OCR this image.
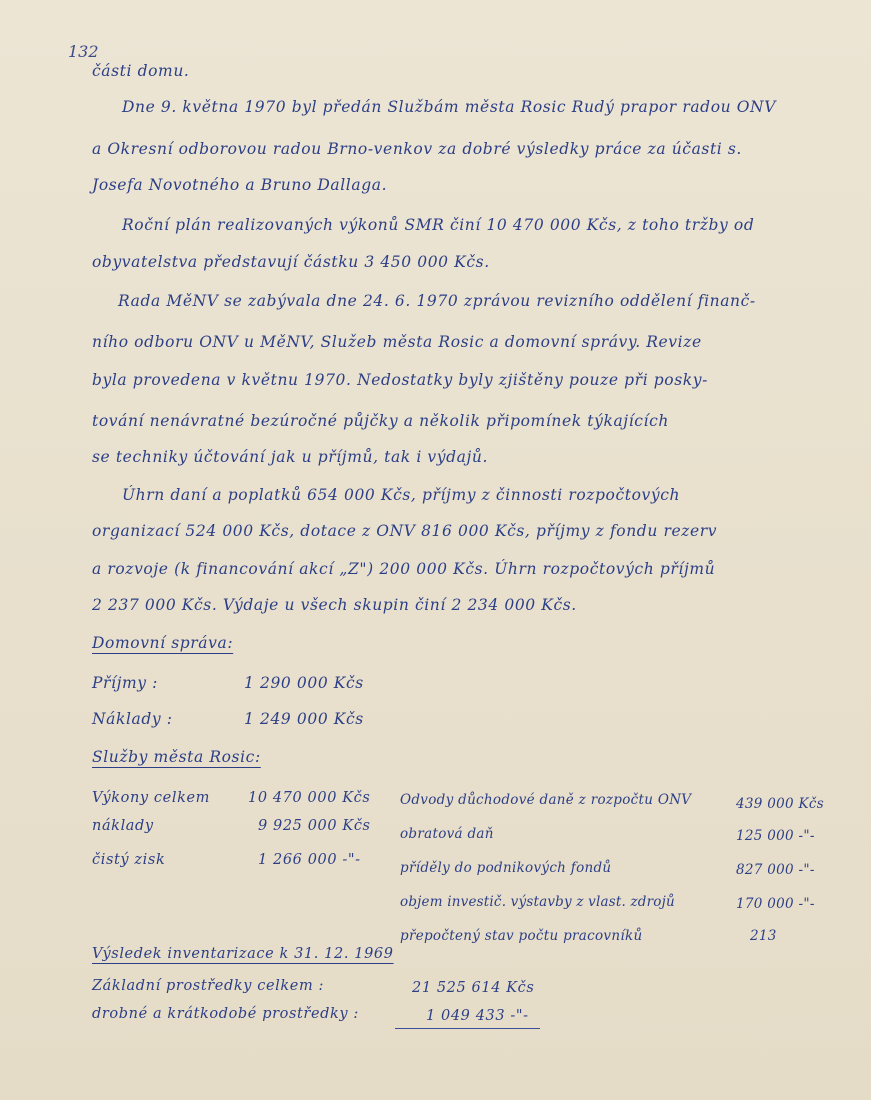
132
části domu.
Dne 9. května 1970 byl předán Službám města Rosic Rudý prapor radou ONV
a Okresní odborovou radou Brno-venkov za dobré výsledky práce za účasti s.
Josefa Novotného a Bruno Dallaga.
Roční plán realizovaných výkonů SMR činí 10 470 000 Kčs, z toho tržby od
obyvatelstva představují částku 3 450 000 Kčs.
Rada MěNV se zabývala dne 24. 6. 1970 zprávou revizního oddělení finanč-
ního odboru ONV u MěNV, Služeb města Rosic a domovní správy. Revize
byla provedena v květnu 1970. Nedostatky byly zjištěny pouze při posky-
tování nenávratné bezúročné půjčky a několik připomínek týkajících
se techniky účtování jak u příjmů, tak i výdajů.
Úhrn daní a poplatků 654 000 Kčs, příjmy z činnosti rozpočtových
organizací 524 000 Kčs, dotace z ONV 816 000 Kčs, příjmy z fondu rezerv
a rozvoje (k financování akcí „Z") 200 000 Kčs. Úhrn rozpočtových příjmů
2 237 000 Kčs. Výdaje u všech skupin činí 2 234 000 Kčs.
Domovní správa:
Příjmy :	1 290 000 Kčs
Náklady :	1 249 000 Kčs
Služby města Rosic:
Výkony celkem	10 470 000 Kčs
náklady	9 925 000 Kčs
čistý zisk	1 266 000 -"-
Odvody důchodové daně z rozpočtu ONV	439 000 Kčs
obratová daň	125 000 -"-
příděly do podnikových fondů	827 000 -"-
objem investič. výstavby z vlast. zdrojů	170 000 -"-
přepočtený stav počtu pracovníků	213
Výsledek inventarizace k 31. 12. 1969
Základní prostředky celkem :	21 525 614 Kčs
drobné a krátkodobé prostředky :	1 049 433 -"-
